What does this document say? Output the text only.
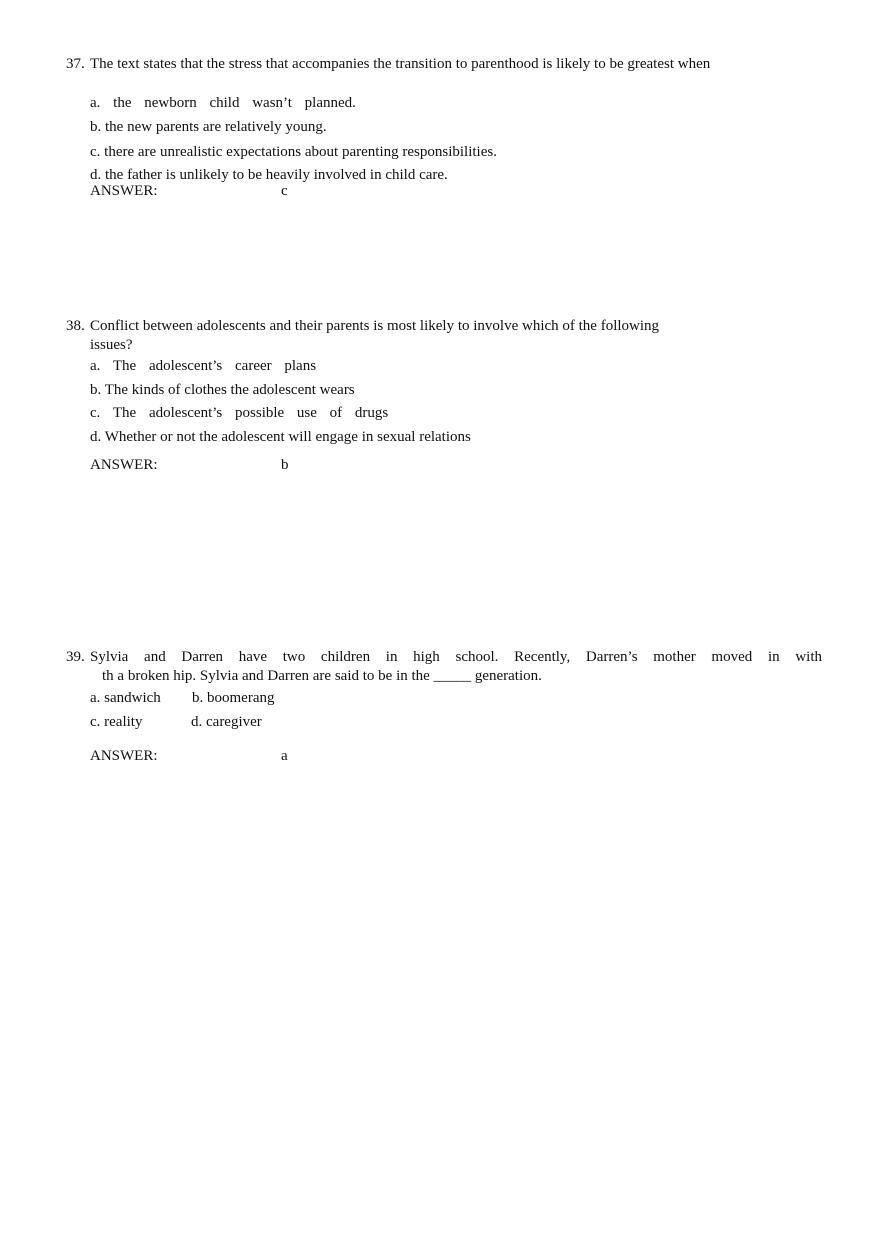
37. The text states that the stress that accompanies the transition to parenthood is likely to be greatest when
a. the newborn child wasn’t planned.
b. the new parents are relatively young.
c. there are unrealistic expectations about parenting responsibilities.
d. the father is unlikely to be heavily involved in child care.
ANSWER:	c
38. Conflict between adolescents and their parents is most likely to involve which of the following issues?
a. The adolescent’s career plans
b. The kinds of clothes the adolescent wears
c. The adolescent’s possible use of drugs
d. Whether or not the adolescent will engage in sexual relations
ANSWER:	b
39. Sylvia and Darren have two children in high school. Recently, Darren’s mother moved in with
th a broken hip. Sylvia and Darren are said to be in the _____ generation.
a. sandwich b. boomerang
c. reality	d. caregiver
ANSWER:	a
